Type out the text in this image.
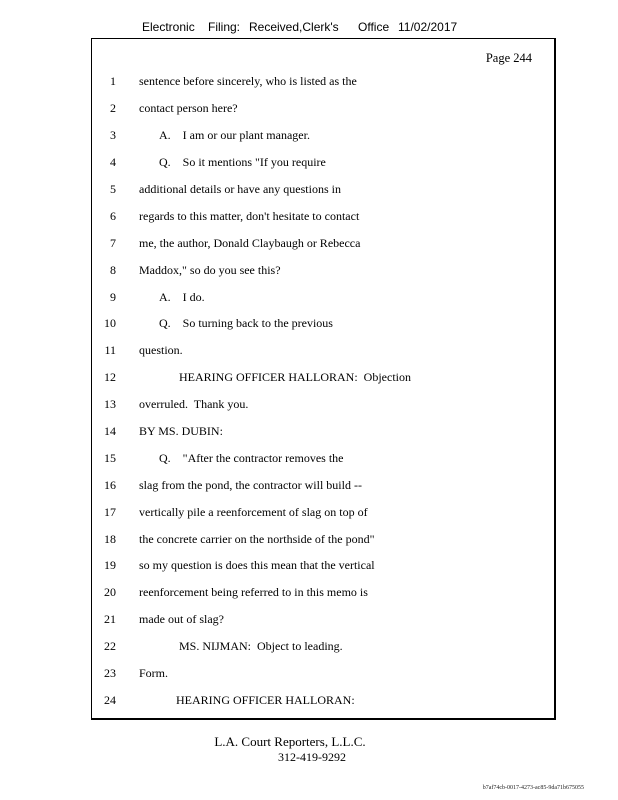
Electronic Filing: Received,Clerk's Office 11/02/2017
Page 244
1 sentence before sincerely, who is listed as the
2 contact person here?
3	A.    I am or our plant manager.
4	Q.    So it mentions "If you require
5 additional details or have any questions in
6 regards to this matter, don't hesitate to contact
7 me, the author, Donald Claybaugh or Rebecca
8 Maddox," so do you see this?
9	A.    I do.
10	Q.    So turning back to the previous
11 question.
12	HEARING OFFICER HALLORAN:  Objection
13 overruled.  Thank you.
14 BY MS. DUBIN:
15	Q.    "After the contractor removes the
16 slag from the pond, the contractor will build --
17 vertically pile a reenforcement of slag on top of
18 the concrete carrier on the northside of the pond"
19 so my question is does this mean that the vertical
20 reenforcement being referred to in this memo is
21 made out of slag?
22	MS. NIJMAN:  Object to leading.
23 Form.
24	HEARING OFFICER HALLORAN:
L.A. Court Reporters, L.L.C.
312-419-9292
b7af74cb-0017-4273-ac85-9da71b675055
